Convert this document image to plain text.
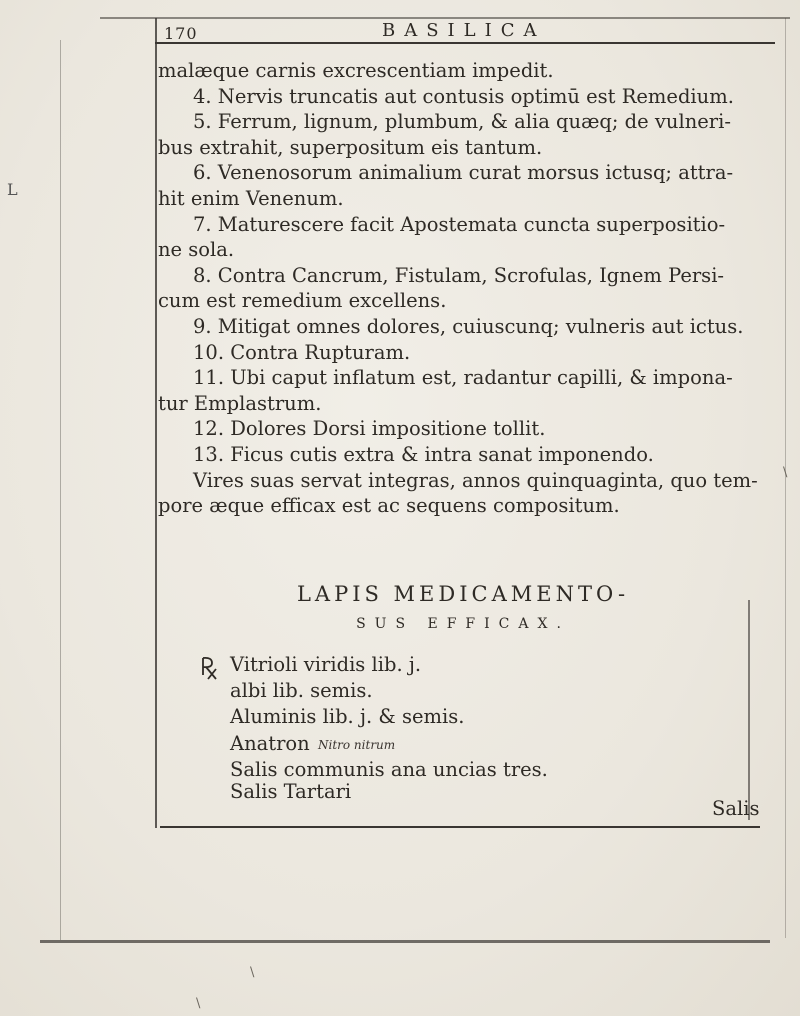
170	BASILICA
malæque carnis excrescentiam impedit.
4. Nervis truncatis aut contusis optimū est Remedium.
5. Ferrum, lignum, plumbum, & alia quæq; de vulneri-
bus extrahit, superpositum eis tantum.
6. Venenosorum animalium curat morsus ictusq; attra-
hit enim Venenum.
7. Maturescere facit Apostemata cuncta superpositio-
ne sola.
8. Contra Cancrum, Fistulam, Scrofulas, Ignem Persi-
cum est remedium excellens.
9. Mitigat omnes dolores, cuiuscunq; vulneris aut ictus.
10. Contra Rupturam.
11. Ubi caput inflatum est, radantur capilli, & impona-
tur Emplastrum.
12. Dolores Dorsi impositione tollit.
13. Ficus cutis extra & intra sanat imponendo.
Vires suas servat integras, annos quinquaginta, quo tem-
pore æque efficax est ac sequens compositum.
LAPIS MEDICAMENTO-
SUS EFFICAX.
Vitrioli viridis lib. j.
albi lib. semis.
Aluminis lib. j. & semis.
Anatron Nitro nitrum
Salis communis ana uncias tres.
Salis Tartari
Salis
\
\
\
L
